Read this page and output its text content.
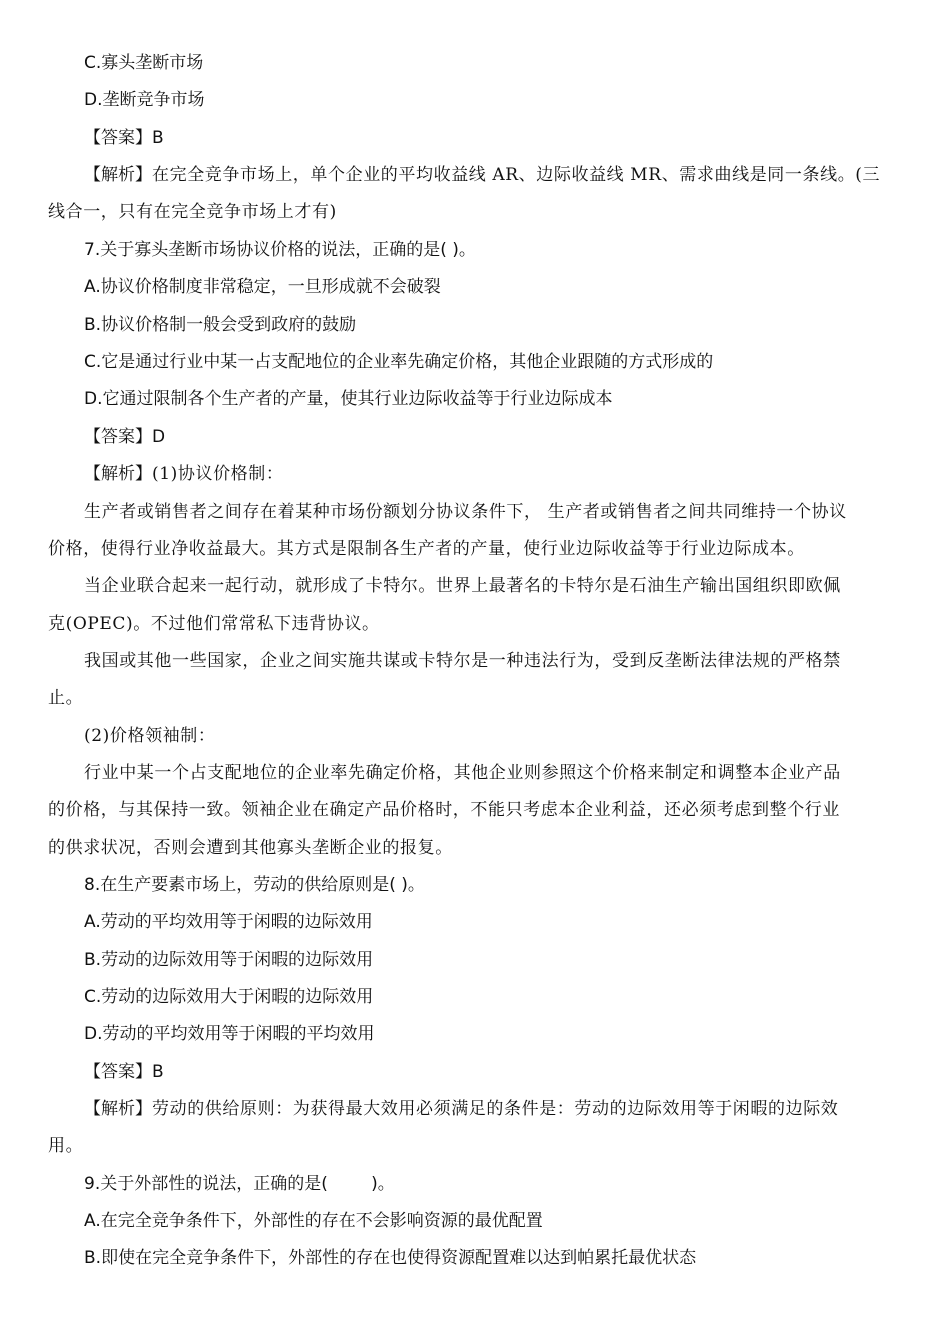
C.寡头垄断市场
D.垄断竞争市场
【答案】B
【解析】在完全竞争市场上，单个企业的平均收益线 AR、边际收益线 MR、需求曲线是同一条线。(三
线合一，只有在完全竞争市场上才有)
7.关于寡头垄断市场协议价格的说法，正确的是( )。
A.协议价格制度非常稳定，一旦形成就不会破裂
B.协议价格制一般会受到政府的鼓励
C.它是通过行业中某一占支配地位的企业率先确定价格，其他企业跟随的方式形成的
D.它通过限制各个生产者的产量，使其行业边际收益等于行业边际成本
【答案】D
【解析】(1)协议价格制：
生产者或销售者之间存在着某种市场份额划分协议条件下， 生产者或销售者之间共同维持一个协议
价格，使得行业净收益最大。其方式是限制各生产者的产量，使行业边际收益等于行业边际成本。
当企业联合起来一起行动，就形成了卡特尔。世界上最著名的卡特尔是石油生产输出国组织即欧佩
克(OPEC)。不过他们常常私下违背协议。
我国或其他一些国家，企业之间实施共谋或卡特尔是一种违法行为，受到反垄断法律法规的严格禁
止。
(2)价格领袖制：
行业中某一个占支配地位的企业率先确定价格，其他企业则参照这个价格来制定和调整本企业产品
的价格，与其保持一致。领袖企业在确定产品价格时，不能只考虑本企业利益，还必须考虑到整个行业
的供求状况，否则会遭到其他寡头垄断企业的报复。
8.在生产要素市场上，劳动的供给原则是( )。
A.劳动的平均效用等于闲暇的边际效用
B.劳动的边际效用等于闲暇的边际效用
C.劳动的边际效用大于闲暇的边际效用
D.劳动的平均效用等于闲暇的平均效用
【答案】B
【解析】劳动的供给原则：为获得最大效用必须满足的条件是：劳动的边际效用等于闲暇的边际效
用。
9.关于外部性的说法，正确的是(        )。
A.在完全竞争条件下，外部性的存在不会影响资源的最优配置
B.即使在完全竞争条件下，外部性的存在也使得资源配置难以达到帕累托最优状态
